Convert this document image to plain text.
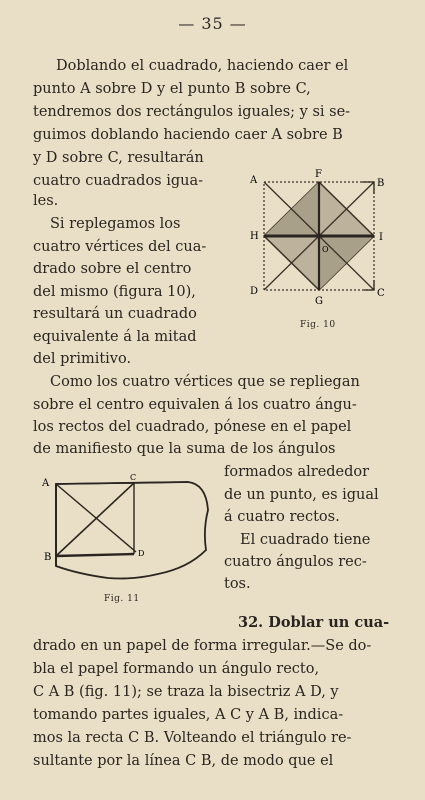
— 35 —
Doblando el cuadrado, haciendo caer el
punto A sobre D y el punto B sobre C,
tendremos dos rectángulos iguales; y si se-
guimos doblando haciendo caer A sobre B
y D sobre C, resultarán
cuatro cuadrados igua-
les.
Si replegamos los
cuatro vértices del cua-
drado sobre el centro
del mismo (figura 10),
resultará un cuadrado
equivalente á la mitad
del primitivo.
A
F
B
H	I
O
D
G
C
Fig. 10
Como los cuatro vértices que se repliegan
sobre el centro equivalen á los cuatro ángu-
los rectos del cuadrado, pónese en el papel
de manifiesto que la suma de los ángulos
formados alrededor
de un punto, es igual
á cuatro rectos.
El cuadrado tiene
cuatro ángulos rec-
tos.
A
C
B	D
Fig. 11
32. Doblar un cua-
drado en un papel de forma irregular.—Se do-
bla el papel formando un ángulo recto,
C A B (fig. 11); se traza la bisectriz A D, y
tomando partes iguales, A C y A B, indica-
mos la recta C B. Volteando el triángulo re-
sultante por la línea C B, de modo que el
